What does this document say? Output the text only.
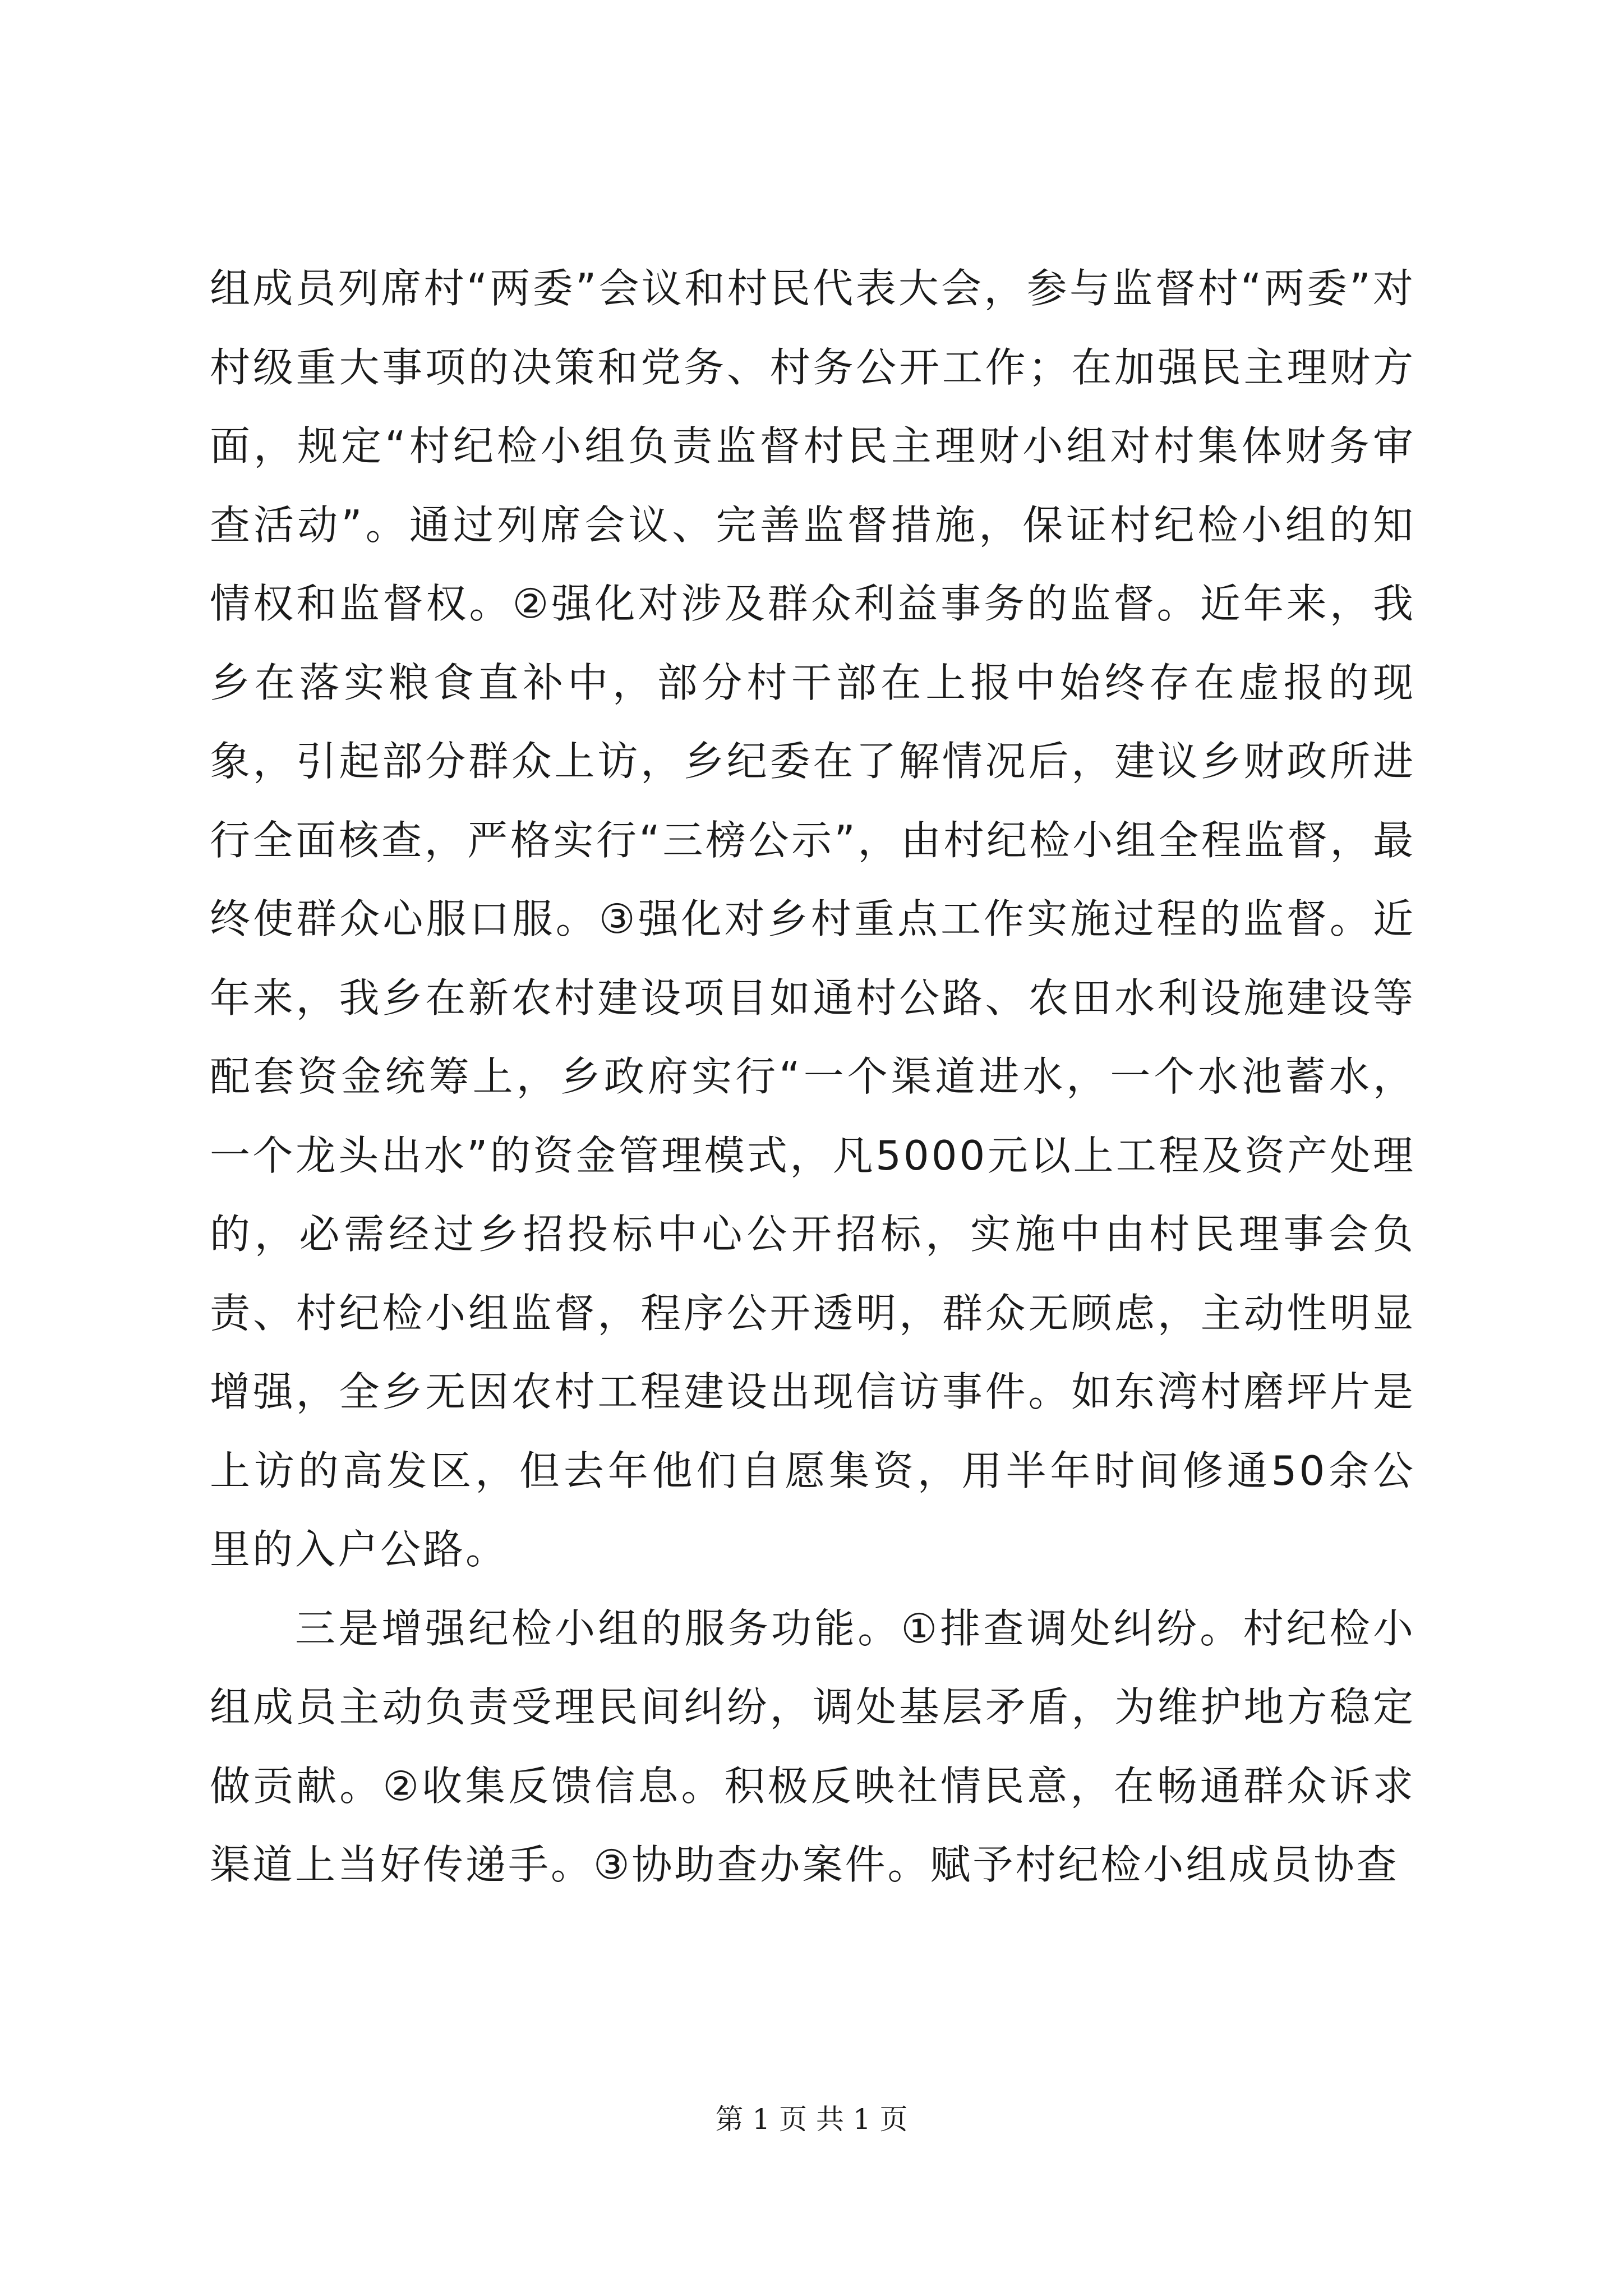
组成员列席村“两委”会议和村民代表大会，参与监督村“两委”对村级重大事项的决策和党务、村务公开工作；在加强民主理财方面，规定“村纪检小组负责监督村民主理财小组对村集体财务审查活动”。通过列席会议、完善监督措施，保证村纪检小组的知情权和监督权。②强化对涉及群众利益事务的监督。近年来，我乡在落实粮食直补中，部分村干部在上报中始终存在虚报的现象，引起部分群众上访，乡纪委在了解情况后，建议乡财政所进行全面核查，严格实行“三榜公示”，由村纪检小组全程监督，最终使群众心服口服。③强化对乡村重点工作实施过程的监督。近年来，我乡在新农村建设项目如通村公路、农田水利设施建设等配套资金统筹上，乡政府实行“一个渠道进水，一个水池蓄水，一个龙头出水”的资金管理模式，凡5000元以上工程及资产处理的，必需经过乡招投标中心公开招标，实施中由村民理事会负责、村纪检小组监督，程序公开透明，群众无顾虑，主动性明显增强，全乡无因农村工程建设出现信访事件。如东湾村磨坪片是上访的高发区，但去年他们自愿集资，用半年时间修通50余公里的入户公路。

三是增强纪检小组的服务功能。①排查调处纠纷。村纪检小组成员主动负责受理民间纠纷，调处基层矛盾，为维护地方稳定做贡献。②收集反馈信息。积极反映社情民意，在畅通群众诉求渠道上当好传递手。③协助查办案件。赋予村纪检小组成员协查

第 1 页 共 1 页
